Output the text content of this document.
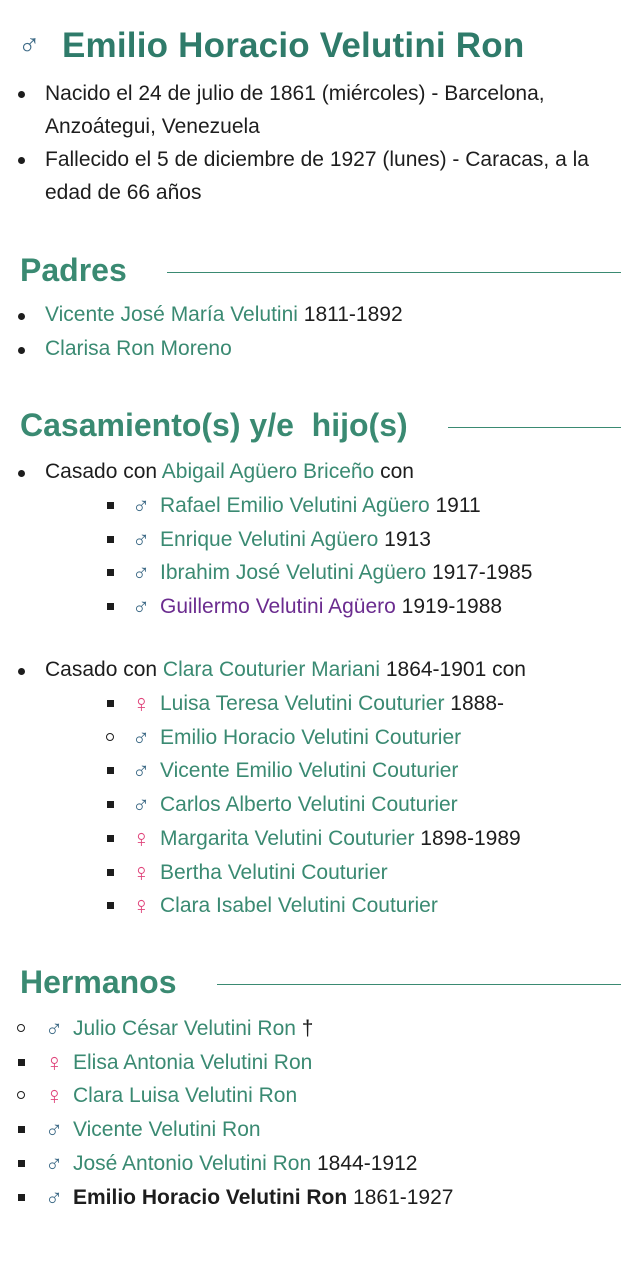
♂ Emilio Horacio Velutini Ron
Nacido el 24 de julio de 1861 (miércoles) - Barcelona, Anzoátegui, Venezuela
Fallecido el 5 de diciembre de 1927 (lunes) - Caracas, a la edad de 66 años
Padres
Vicente José María Velutini 1811-1892
Clarisa Ron Moreno
Casamiento(s) y/e  hijo(s)
Casado con Abigail Agüero Briceño con
♂ Rafael Emilio Velutini Agüero 1911
♂ Enrique Velutini Agüero 1913
♂ Ibrahim José Velutini Agüero 1917-1985
♂ Guillermo Velutini Agüero 1919-1988
Casado con Clara Couturier Mariani 1864-1901 con
♀ Luisa Teresa Velutini Couturier 1888-
♂ Emilio Horacio Velutini Couturier
♂ Vicente Emilio Velutini Couturier
♂ Carlos Alberto Velutini Couturier
♀ Margarita Velutini Couturier 1898-1989
♀ Bertha Velutini Couturier
♀ Clara Isabel Velutini Couturier
Hermanos
♂ Julio César Velutini Ron †
♀ Elisa Antonia Velutini Ron
♀ Clara Luisa Velutini Ron
♂ Vicente Velutini Ron
♂ José Antonio Velutini Ron 1844-1912
♂ Emilio Horacio Velutini Ron 1861-1927
